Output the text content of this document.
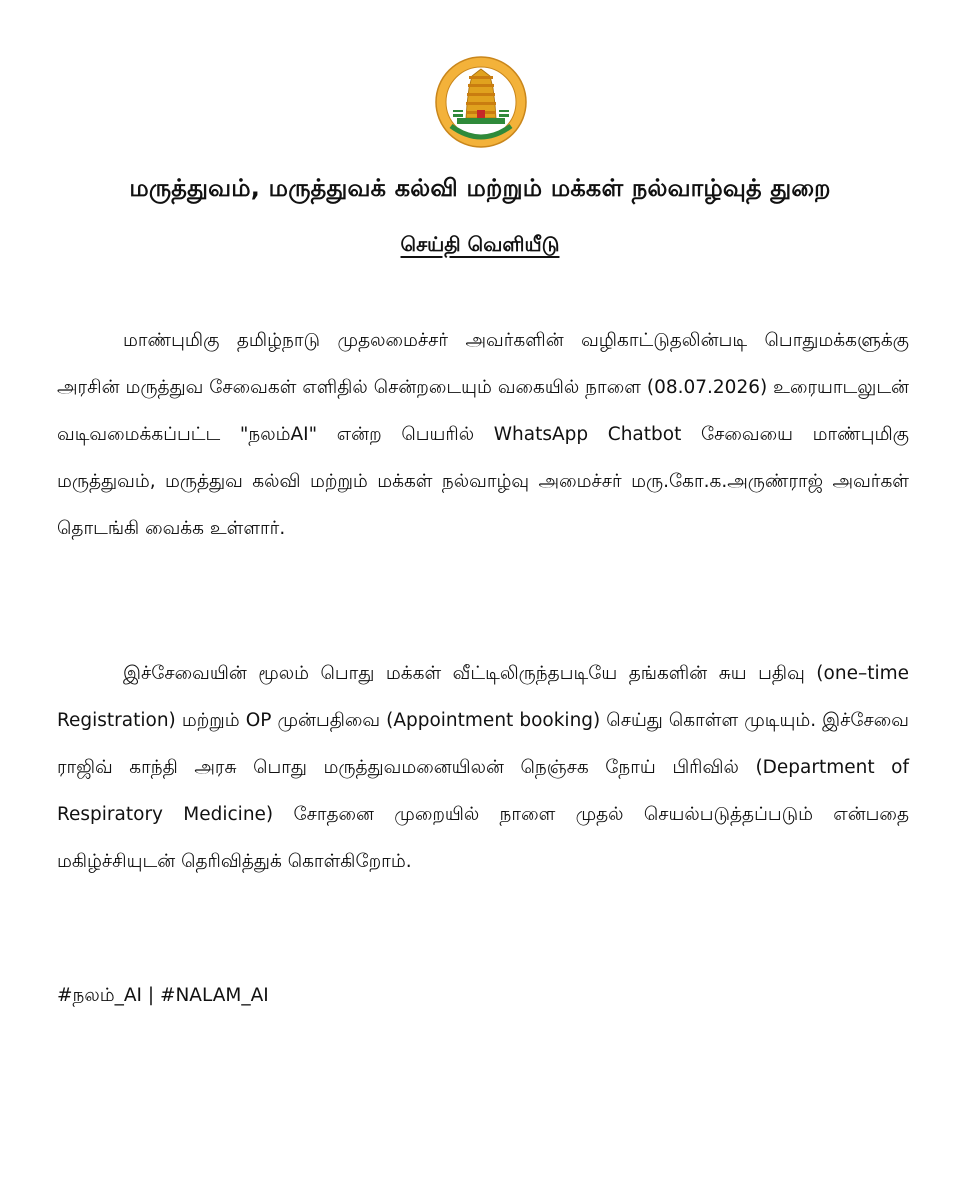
மருத்துவம், மருத்துவக் கல்வி மற்றும் மக்கள் நல்வாழ்வுத் துறை
செய்தி வெளியீடு
மாண்புமிகு தமிழ்நாடு முதலமைச்சர் அவர்களின் வழிகாட்டுதலின்படி பொதுமக்களுக்கு அரசின் மருத்துவ சேவைகள் எளிதில் சென்றடையும் வகையில் நாளை (08.07.2026) உரையாடலுடன் வடிவமைக்கப்பட்ட "நலம்AI" என்ற பெயரில் WhatsApp Chatbot சேவையை மாண்புமிகு மருத்துவம், மருத்துவ கல்வி மற்றும் மக்கள் நல்வாழ்வு அமைச்சர் மரு.கோ.க.அருண்ராஜ் அவர்கள் தொடங்கி வைக்க உள்ளார்.
இச்சேவையின் மூலம் பொது மக்கள் வீட்டிலிருந்தபடியே தங்களின் சுய பதிவு (one–time Registration) மற்றும் OP முன்பதிவை (Appointment booking) செய்து கொள்ள முடியும். இச்சேவை ராஜிவ் காந்தி அரசு பொது மருத்துவமனையிலன் நெஞ்சக நோய் பிரிவில் (Department of Respiratory Medicine) சோதனை முறையில் நாளை முதல் செயல்படுத்தப்படும் என்பதை மகிழ்ச்சியுடன் தெரிவித்துக் கொள்கிறோம்.
#நலம்_AI | #NALAM_AI
